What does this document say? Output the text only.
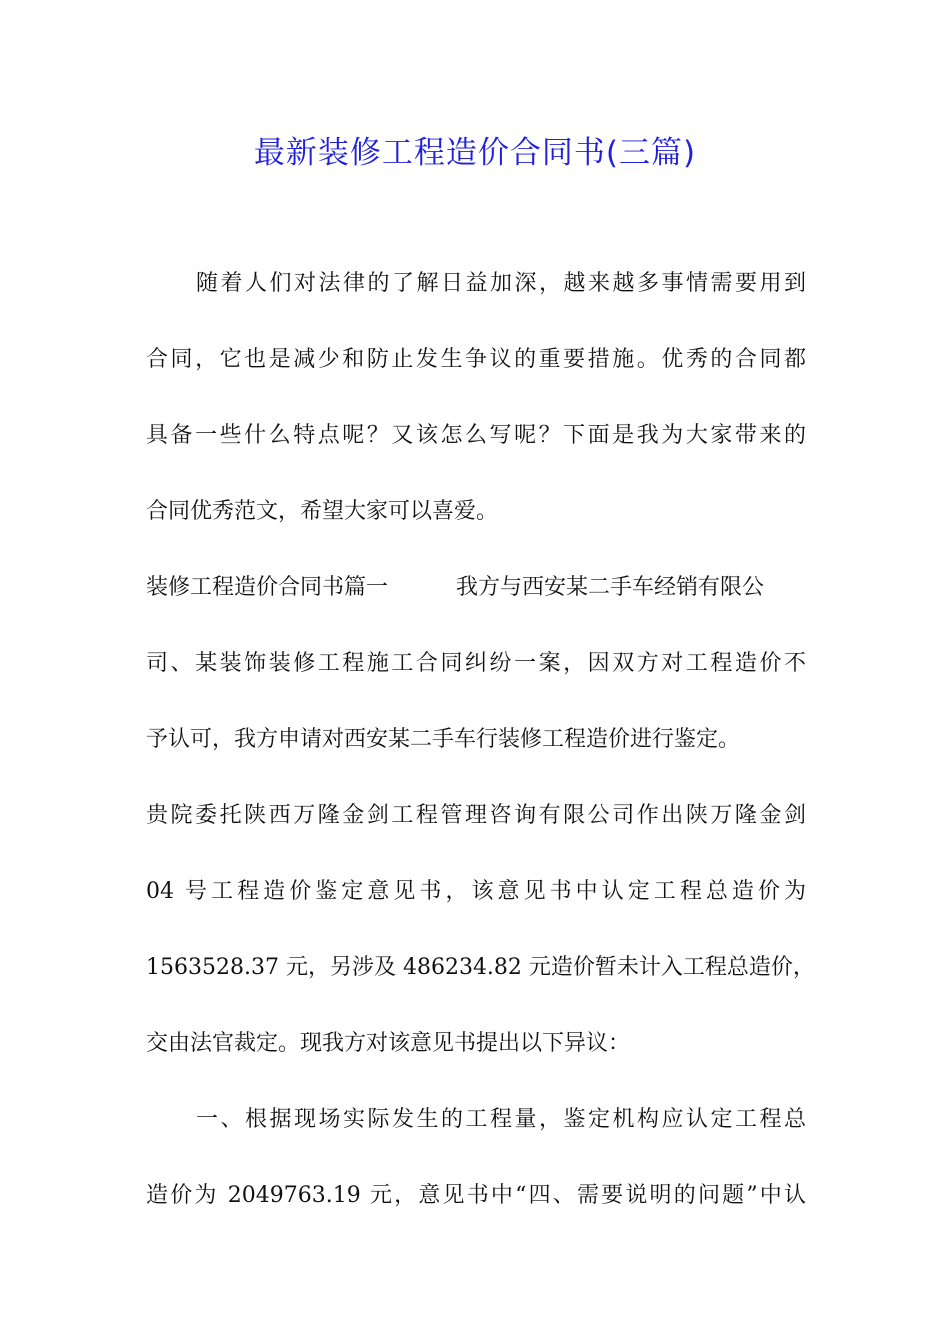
最新装修工程造价合同书(三篇)
随着人们对法律的了解日益加深，越来越多事情需要用到
合同，它也是减少和防止发生争议的重要措施。优秀的合同都
具备一些什么特点呢？又该怎么写呢？下面是我为大家带来的
合同优秀范文，希望大家可以喜爱。
装修工程造价合同书篇一	我方与西安某二手车经销有限公
司、某装饰装修工程施工合同纠纷一案，因双方对工程造价不
予认可，我方申请对西安某二手车行装修工程造价进行鉴定。
贵院委托陕西万隆金剑工程管理咨询有限公司作出陕万隆金剑
04 号工程造价鉴定意见书，该意见书中认定工程总造价为
1563528.37 元，另涉及 486234.82 元造价暂未计入工程总造价，
交由法官裁定。现我方对该意见书提出以下异议：
一、根据现场实际发生的工程量，鉴定机构应认定工程总
造价为 2049763.19 元，意见书中“四、需要说明的问题”中认
